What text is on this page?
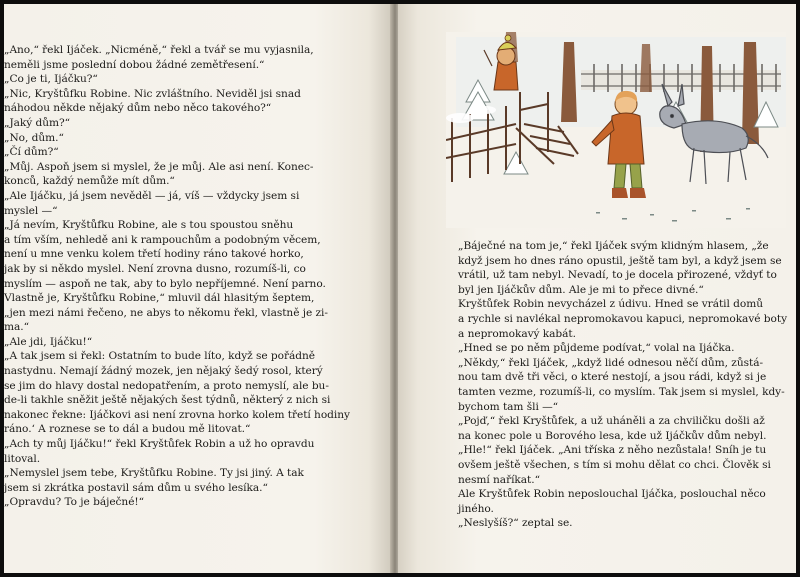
„Ano,“ řekl Ijáček. „Nicméně,“ řekl a tvář se mu vyjasnila,

neměli jsme poslední dobou žádné zemětřesení.“

„Co je ti, Ijáčku?“

„Nic, Kryštůfku Robine. Nic zvláštního. Neviděl jsi snad

náhodou někde nějaký dům nebo něco takového?“

„Jaký dům?“

„No, dům.“

„Čí dům?“

„Můj. Aspoň jsem si myslel, že je můj. Ale asi není. Konec-

konců, každý nemůže mít dům.“

„Ale Ijáčku, já jsem nevěděl — já, víš — vždycky jsem si

myslel —“

„Já nevím, Kryštůfku Robine, ale s tou spoustou sněhu

a tím vším, nehledě ani k rampouchům a podobným věcem,

není u mne venku kolem třetí hodiny ráno takové horko,

jak by si někdo myslel. Není zrovna dusno, rozumíš-li, co

myslím — aspoň ne tak, aby to bylo nepříjemné. Není parno.

Vlastně je, Kryštůfku Robine,“ mluvil dál hlasitým šeptem,

„jen mezi námi řečeno, ne abys to někomu řekl, vlastně je zi-

ma.“

„Ale jdi, Ijáčku!“

„A tak jsem si řekl: Ostatním to bude líto, když se pořádně

nastydnu. Nemají žádný mozek, jen nějaký šedý rosol, který

se jim do hlavy dostal nedopatřením, a proto nemyslí, ale bu-

de-li takhle sněžit ještě nějakých šest týdnů, některý z nich si

nakonec řekne: Ijáčkovi asi není zrovna horko kolem třetí hodiny

ráno.‘ A roznese se to dál a budou mě litovat.“

„Ach ty můj Ijáčku!“ řekl Kryštůfek Robin a už ho opravdu

litoval.

„Nemyslel jsem tebe, Kryštůfku Robine. Ty jsi jiný. A tak

jsem si zkrátka postavil sám dům u svého lesíka.“

„Opravdu? To je báječné!“

„Báječné na tom je,“ řekl Ijáček svým klidným hlasem, „že

když jsem ho dnes ráno opustil, ještě tam byl, a když jsem se

vrátil, už tam nebyl. Nevadí, to je docela přirozené, vždyť to

byl jen Ijáčkův dům. Ale je mi to přece divné.“

Kryštůfek Robin nevycházel z údivu. Hned se vrátil domů

a rychle si navlékal nepromokavou kapuci, nepromokavé boty

a nepromokavý kabát.

„Hned se po něm půjdeme podívat,“ volal na Ijáčka.

„Někdy,“ řekl Ijáček, „když lidé odnesou něčí dům, zůstá-

nou tam dvě tři věci, o které nestojí, a jsou rádi, když si je

tamten vezme, rozumíš-li, co myslím. Tak jsem si myslel, kdy-

bychom tam šli —“

„Pojď,“ řekl Kryštůfek, a už uháněli a za chviličku došli až

na konec pole u Borového lesa, kde už Ijáčkův dům nebyl.

„Hle!“ řekl Ijáček. „Ani tříska z něho nezůstala! Sníh je tu

ovšem ještě všechen, s tím si mohu dělat co chci. Člověk si

nesmí naříkat.“

Ale Kryštůfek Robin neposlouchal Ijáčka, poslouchal něco

jiného.

„Neslyšíš?“ zeptal se.
